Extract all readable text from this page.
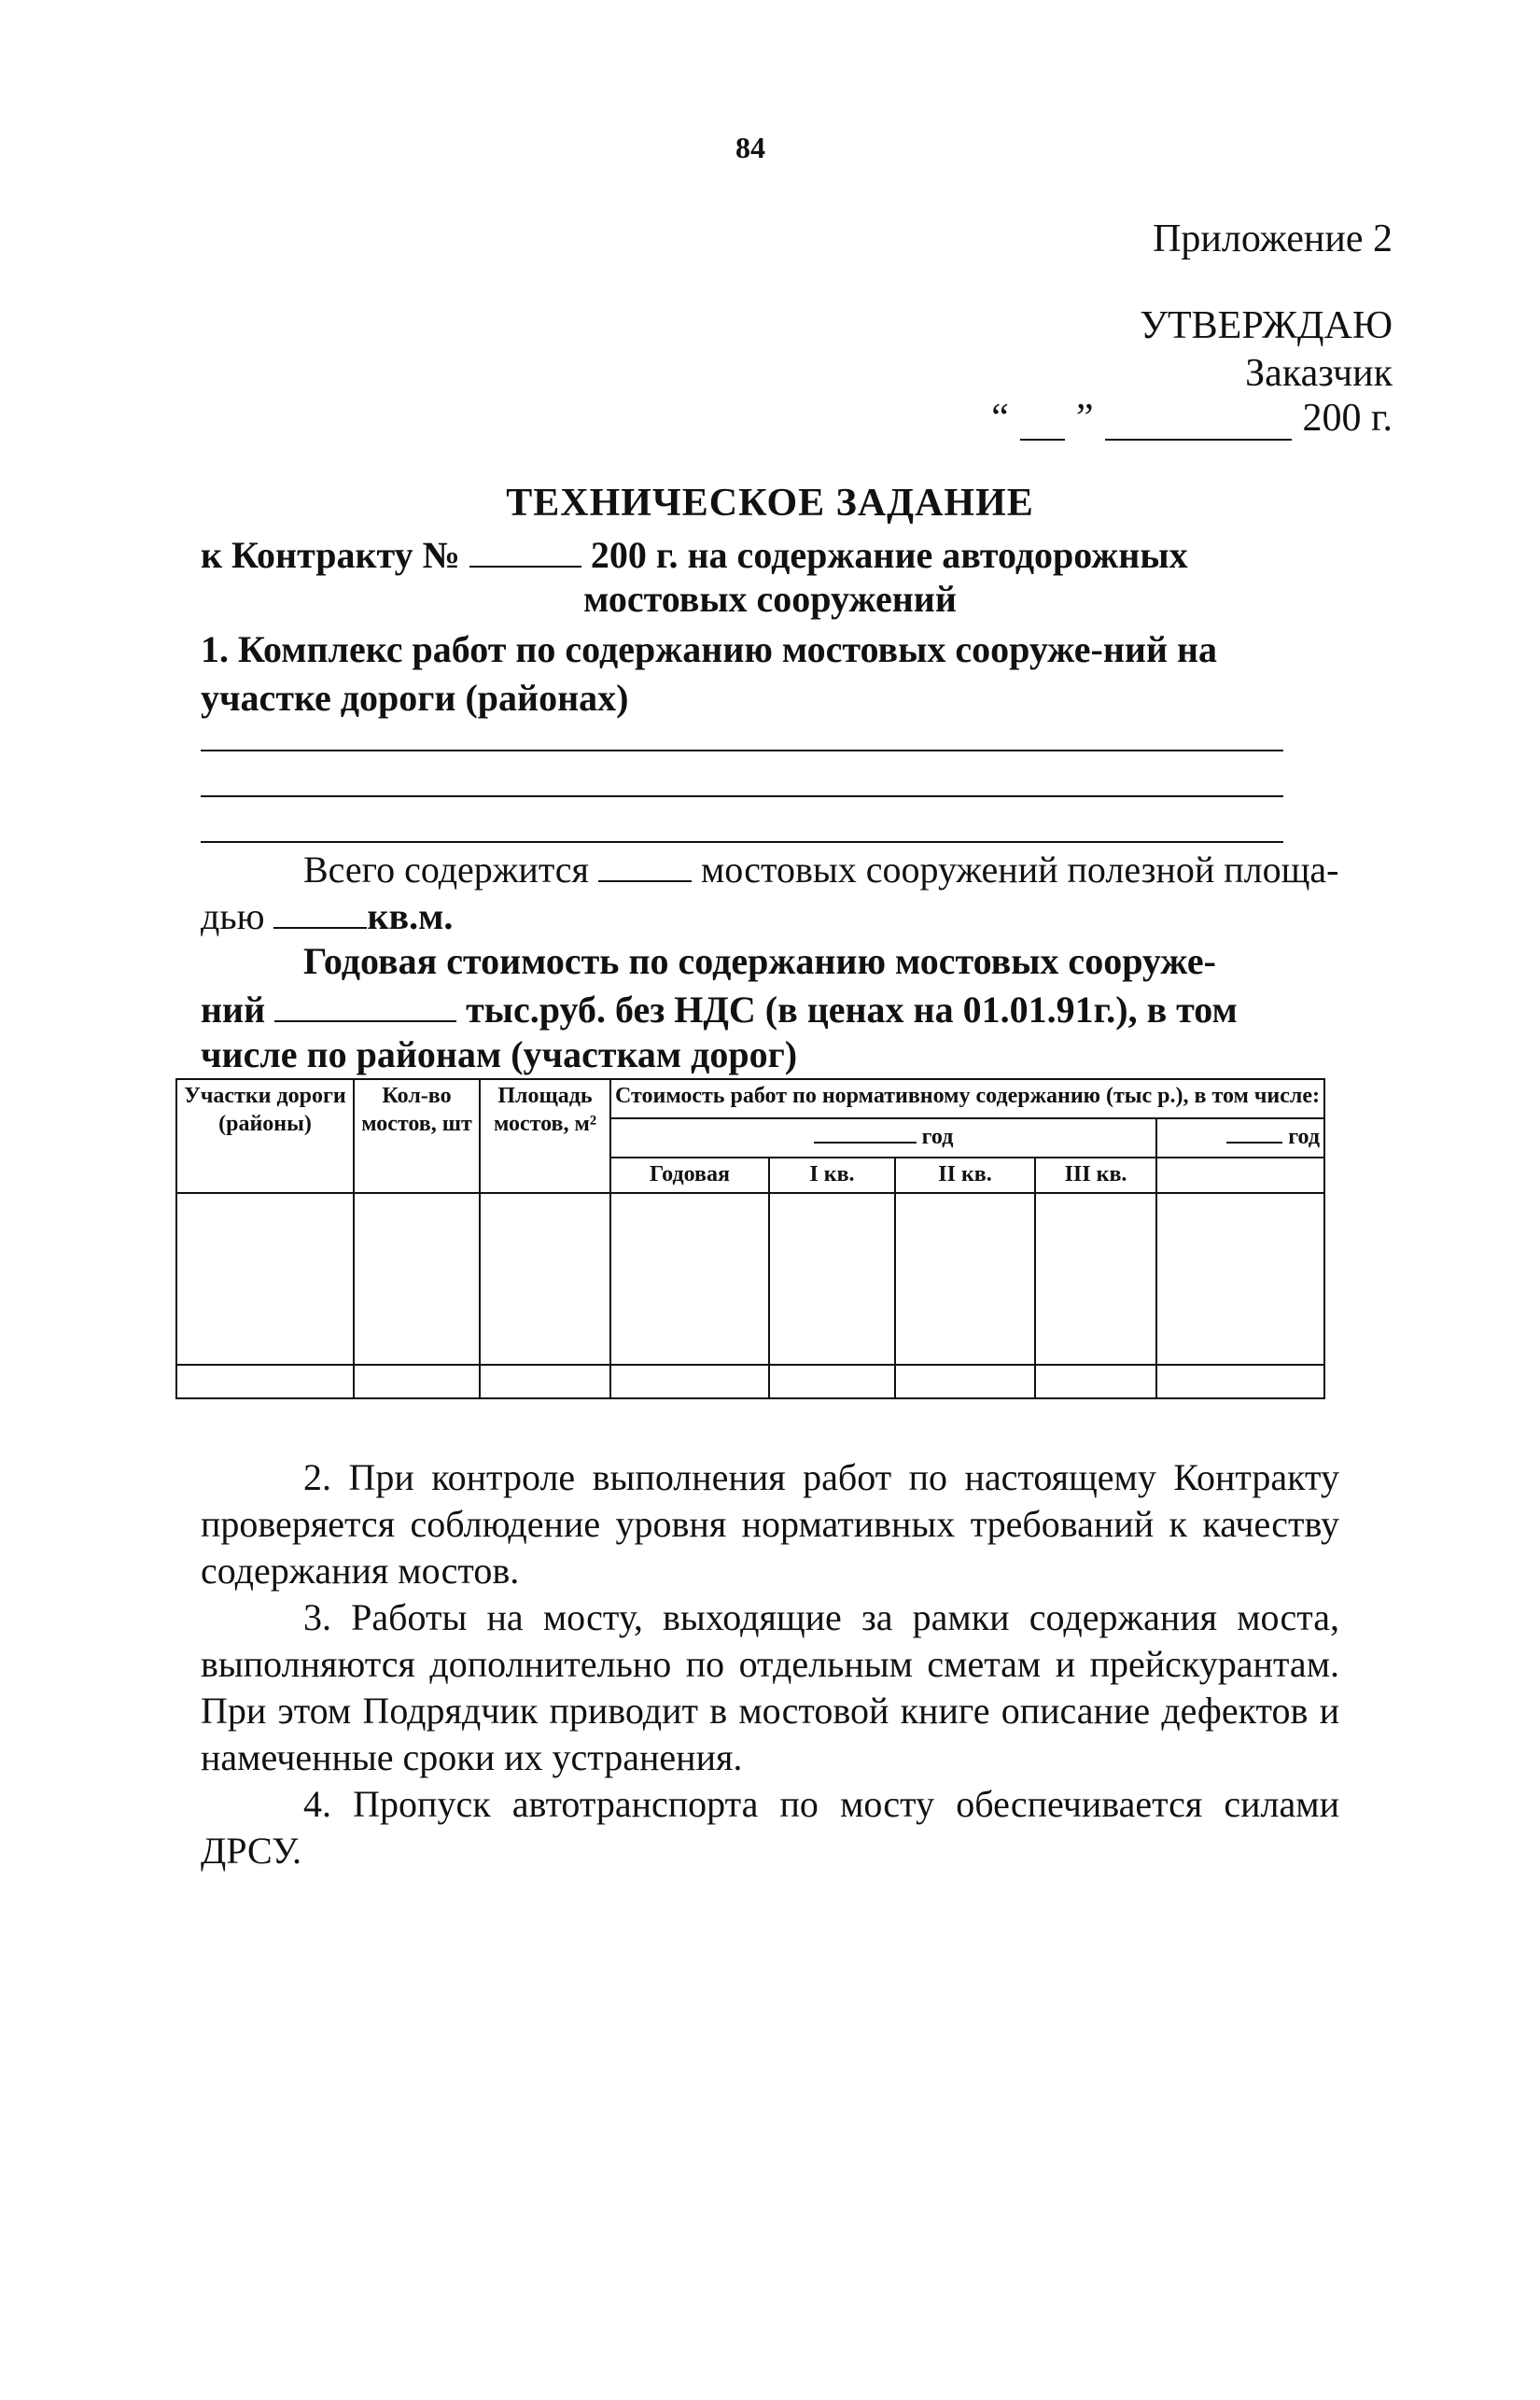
84
Приложение 2
УТВЕРЖДАЮ
Заказчик
“ ”	200 г.
ТЕХНИЧЕСКОЕ ЗАДАНИЕ
к Контракту №	200 г. на содержание автодорожных
мостовых сооружений
1. Комплекс работ по содержанию мостовых сооруже-ний на участке дороги (районах)
Всего содержится	мостовых сооружений полезной площа-
дью	кв.м.
Годовая стоимость по содержанию мостовых сооруже-
ний	тыс.руб. без НДС (в ценах на 01.01.91г.), в том
числе по районам (участкам дорог)
Участки дороги (районы)	Кол-во мостов, шт	Площадь мостов, м²	Стоимость работ по нормативному содержанию (тыс р.), в том числе:				
			год				год
			Годовая	I кв.	II кв.	III кв.	

2. При контроле выполнения работ по настоящему Контракту проверяется соблюдение уровня нормативных требований к качеству содержания мостов.
3. Работы на мосту, выходящие за рамки содержания моста, выполняются дополнительно по отдельным сметам и прейскурантам. При этом Подрядчик приводит в мостовой книге описание дефектов и намеченные сроки их устранения.
4. Пропуск автотранспорта по мосту обеспечивается силами ДРСУ.
